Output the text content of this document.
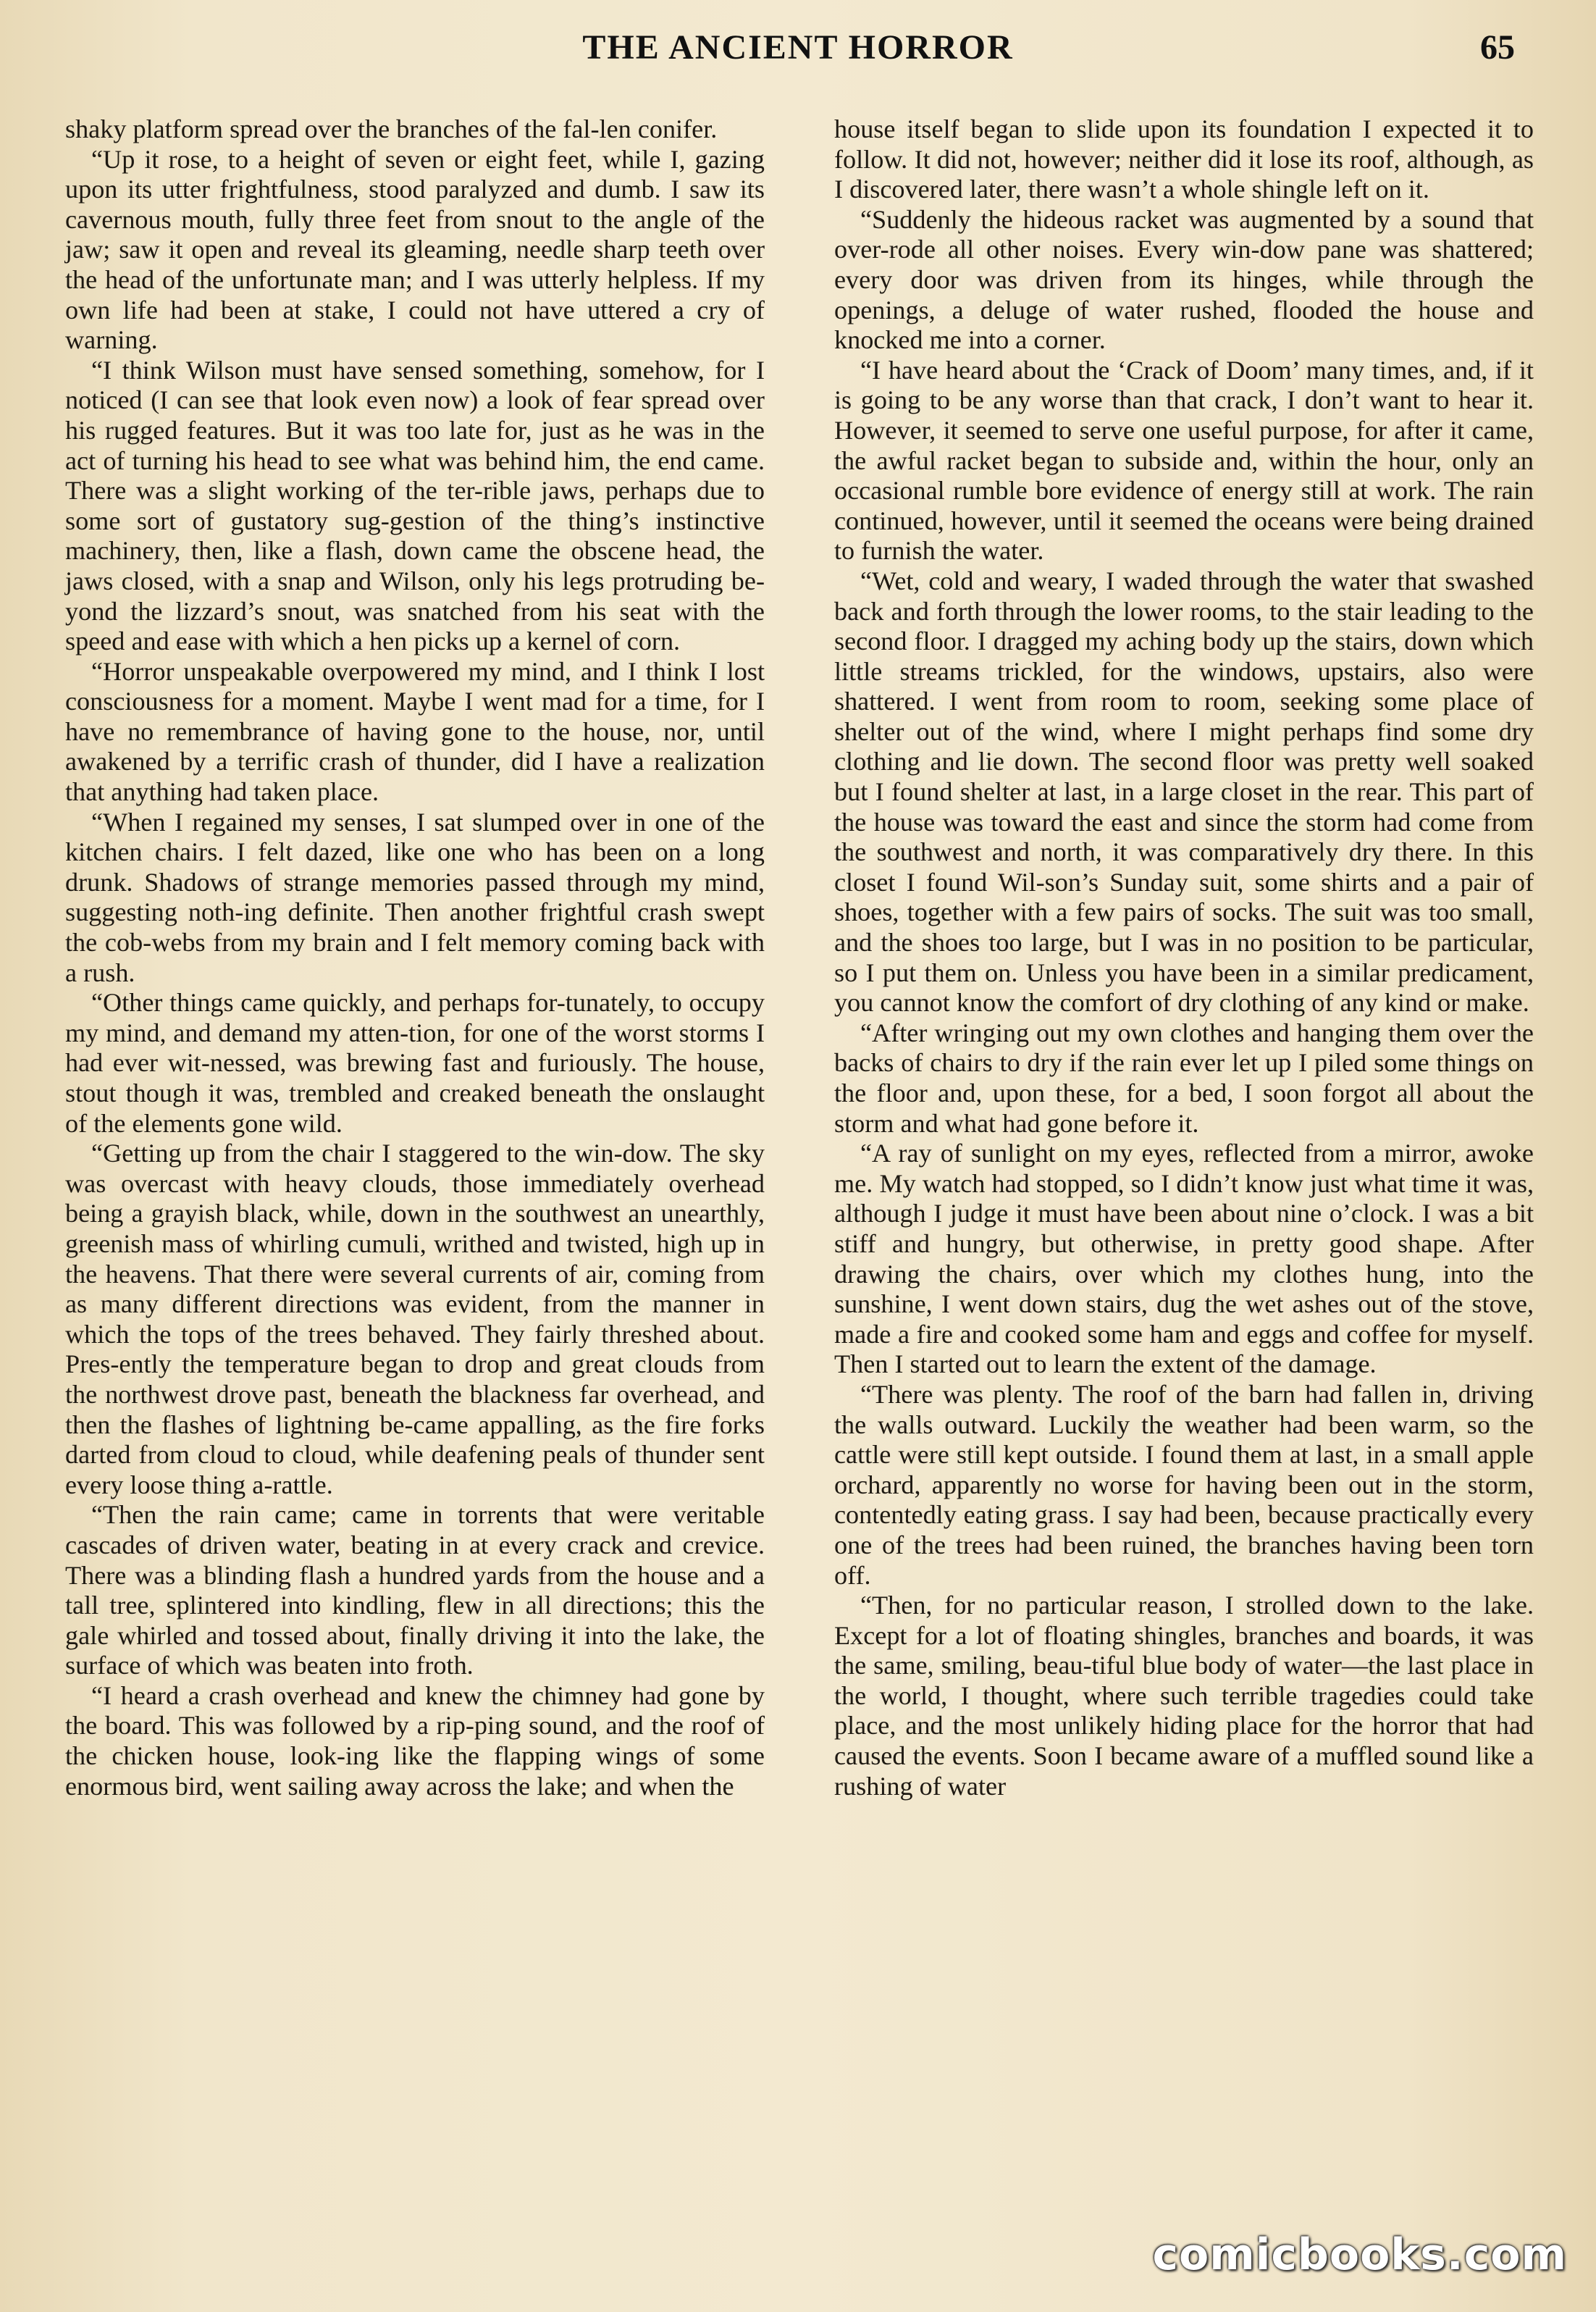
THE ANCIENT HORROR	65

shaky platform spread over the branches of the fal-len conifer.

“Up it rose, to a height of seven or eight feet, while I, gazing upon its utter frightfulness, stood paralyzed and dumb. I saw its cavernous mouth, fully three feet from snout to the angle of the jaw; saw it open and reveal its gleaming, needle sharp teeth over the head of the unfortunate man; and I was utterly helpless. If my own life had been at stake, I could not have uttered a cry of warning.

“I think Wilson must have sensed something, somehow, for I noticed (I can see that look even now) a look of fear spread over his rugged features. But it was too late for, just as he was in the act of turning his head to see what was behind him, the end came. There was a slight working of the ter-rible jaws, perhaps due to some sort of gustatory sug-gestion of the thing’s instinctive machinery, then, like a flash, down came the obscene head, the jaws closed, with a snap and Wilson, only his legs protruding be-yond the lizzard’s snout, was snatched from his seat with the speed and ease with which a hen picks up a kernel of corn.

“Horror unspeakable overpowered my mind, and I think I lost consciousness for a moment. Maybe I went mad for a time, for I have no remembrance of having gone to the house, nor, until awakened by a terrific crash of thunder, did I have a realization that anything had taken place.

“When I regained my senses, I sat slumped over in one of the kitchen chairs. I felt dazed, like one who has been on a long drunk. Shadows of strange memories passed through my mind, suggesting noth-ing definite. Then another frightful crash swept the cob-webs from my brain and I felt memory coming back with a rush.

“Other things came quickly, and perhaps for-tunately, to occupy my mind, and demand my atten-tion, for one of the worst storms I had ever wit-nessed, was brewing fast and furiously. The house, stout though it was, trembled and creaked beneath the onslaught of the elements gone wild.

“Getting up from the chair I staggered to the win-dow. The sky was overcast with heavy clouds, those immediately overhead being a grayish black, while, down in the southwest an unearthly, greenish mass of whirling cumuli, writhed and twisted, high up in the heavens. That there were several currents of air, coming from as many different directions was evident, from the manner in which the tops of the trees behaved. They fairly threshed about. Pres-ently the temperature began to drop and great clouds from the northwest drove past, beneath the blackness far overhead, and then the flashes of lightning be-came appalling, as the fire forks darted from cloud to cloud, while deafening peals of thunder sent every loose thing a-rattle.

“Then the rain came; came in torrents that were veritable cascades of driven water, beating in at every crack and crevice. There was a blinding flash a hundred yards from the house and a tall tree, splintered into kindling, flew in all directions; this the gale whirled and tossed about, finally driving it into the lake, the surface of which was beaten into froth.

“I heard a crash overhead and knew the chimney had gone by the board. This was followed by a rip-ping sound, and the roof of the chicken house, look-ing like the flapping wings of some enormous bird, went sailing away across the lake; and when the

house itself began to slide upon its foundation I expected it to follow. It did not, however; neither did it lose its roof, although, as I discovered later, there wasn’t a whole shingle left on it.

“Suddenly the hideous racket was augmented by a sound that over-rode all other noises. Every win-dow pane was shattered; every door was driven from its hinges, while through the openings, a deluge of water rushed, flooded the house and knocked me into a corner.

“I have heard about the ‘Crack of Doom’ many times, and, if it is going to be any worse than that crack, I don’t want to hear it. However, it seemed to serve one useful purpose, for after it came, the awful racket began to subside and, within the hour, only an occasional rumble bore evidence of energy still at work. The rain continued, however, until it seemed the oceans were being drained to furnish the water.

“Wet, cold and weary, I waded through the water that swashed back and forth through the lower rooms, to the stair leading to the second floor. I dragged my aching body up the stairs, down which little streams trickled, for the windows, upstairs, also were shattered. I went from room to room, seeking some place of shelter out of the wind, where I might perhaps find some dry clothing and lie down. The second floor was pretty well soaked but I found shelter at last, in a large closet in the rear. This part of the house was toward the east and since the storm had come from the southwest and north, it was comparatively dry there. In this closet I found Wil-son’s Sunday suit, some shirts and a pair of shoes, together with a few pairs of socks. The suit was too small, and the shoes too large, but I was in no position to be particular, so I put them on. Unless you have been in a similar predicament, you cannot know the comfort of dry clothing of any kind or make.

“After wringing out my own clothes and hanging them over the backs of chairs to dry if the rain ever let up I piled some things on the floor and, upon these, for a bed, I soon forgot all about the storm and what had gone before it.

“A ray of sunlight on my eyes, reflected from a mirror, awoke me. My watch had stopped, so I didn’t know just what time it was, although I judge it must have been about nine o’clock. I was a bit stiff and hungry, but otherwise, in pretty good shape. After drawing the chairs, over which my clothes hung, into the sunshine, I went down stairs, dug the wet ashes out of the stove, made a fire and cooked some ham and eggs and coffee for myself. Then I started out to learn the extent of the damage.

“There was plenty. The roof of the barn had fallen in, driving the walls outward. Luckily the weather had been warm, so the cattle were still kept outside. I found them at last, in a small apple orchard, apparently no worse for having been out in the storm, contentedly eating grass. I say had been, because practically every one of the trees had been ruined, the branches having been torn off.

“Then, for no particular reason, I strolled down to the lake. Except for a lot of floating shingles, branches and boards, it was the same, smiling, beau-tiful blue body of water—the last place in the world, I thought, where such terrible tragedies could take place, and the most unlikely hiding place for the horror that had caused the events. Soon I became aware of a muffled sound like a rushing of water

comicbooks.com
